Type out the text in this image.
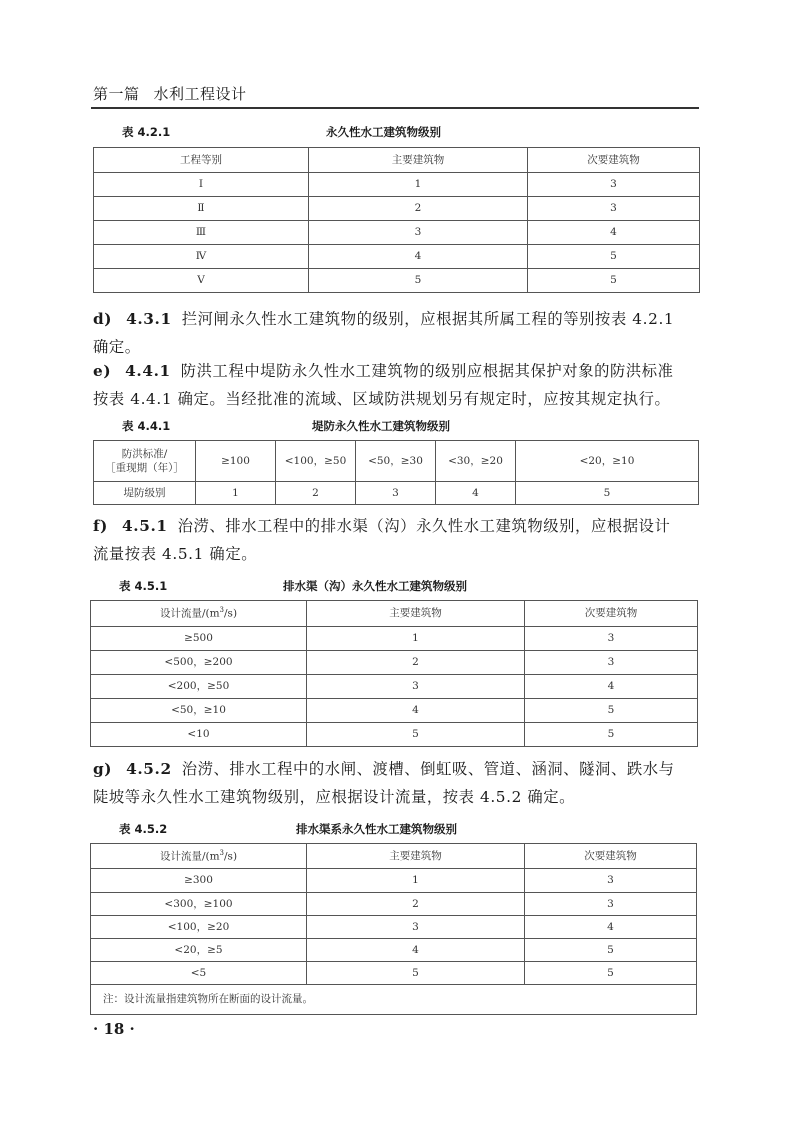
第一篇 水利工程设计
表 4.2.1	永久性水工建筑物级别
工程等别	主要建筑物	次要建筑物
Ⅰ	1	3
Ⅱ	2	3
Ⅲ	3	4
Ⅳ	4	5
Ⅴ	5	5
d) 4.3.1 拦河闸永久性水工建筑物的级别，应根据其所属工程的等别按表 4.2.1
确定。
e) 4.4.1 防洪工程中堤防永久性水工建筑物的级别应根据其保护对象的防洪标准
按表 4.4.1 确定。当经批准的流域、区域防洪规划另有规定时，应按其规定执行。
表 4.4.1	堤防永久性水工建筑物级别
防洪标准/
［重现期（年）］	≥100	<100，≥50	<50，≥30	<30，≥20	<20，≥10
堤防级别	1	2	3	4	5
f) 4.5.1 治涝、排水工程中的排水渠（沟）永久性水工建筑物级别，应根据设计
流量按表 4.5.1 确定。
表 4.5.1	排水渠（沟）永久性水工建筑物级别
设计流量$/(m^3/s)$	主要建筑物	次要建筑物
≥500	1	3
<500，≥200	2	3
<200，≥50	3	4
<50，≥10	4	5
<10	5	5
g) 4.5.2 治涝、排水工程中的水闸、渡槽、倒虹吸、管道、涵洞、隧洞、跌水与
陡坡等永久性水工建筑物级别，应根据设计流量，按表 4.5.2 确定。
表 4.5.2	排水渠系永久性水工建筑物级别
设计流量$/(m^3/s)$	主要建筑物	次要建筑物
≥300	1	3
<300，≥100	2	3
<100，≥20	3	4
<20，≥5	4	5
<5	5	5
注：设计流量指建筑物所在断面的设计流量。		
· 18 ·
